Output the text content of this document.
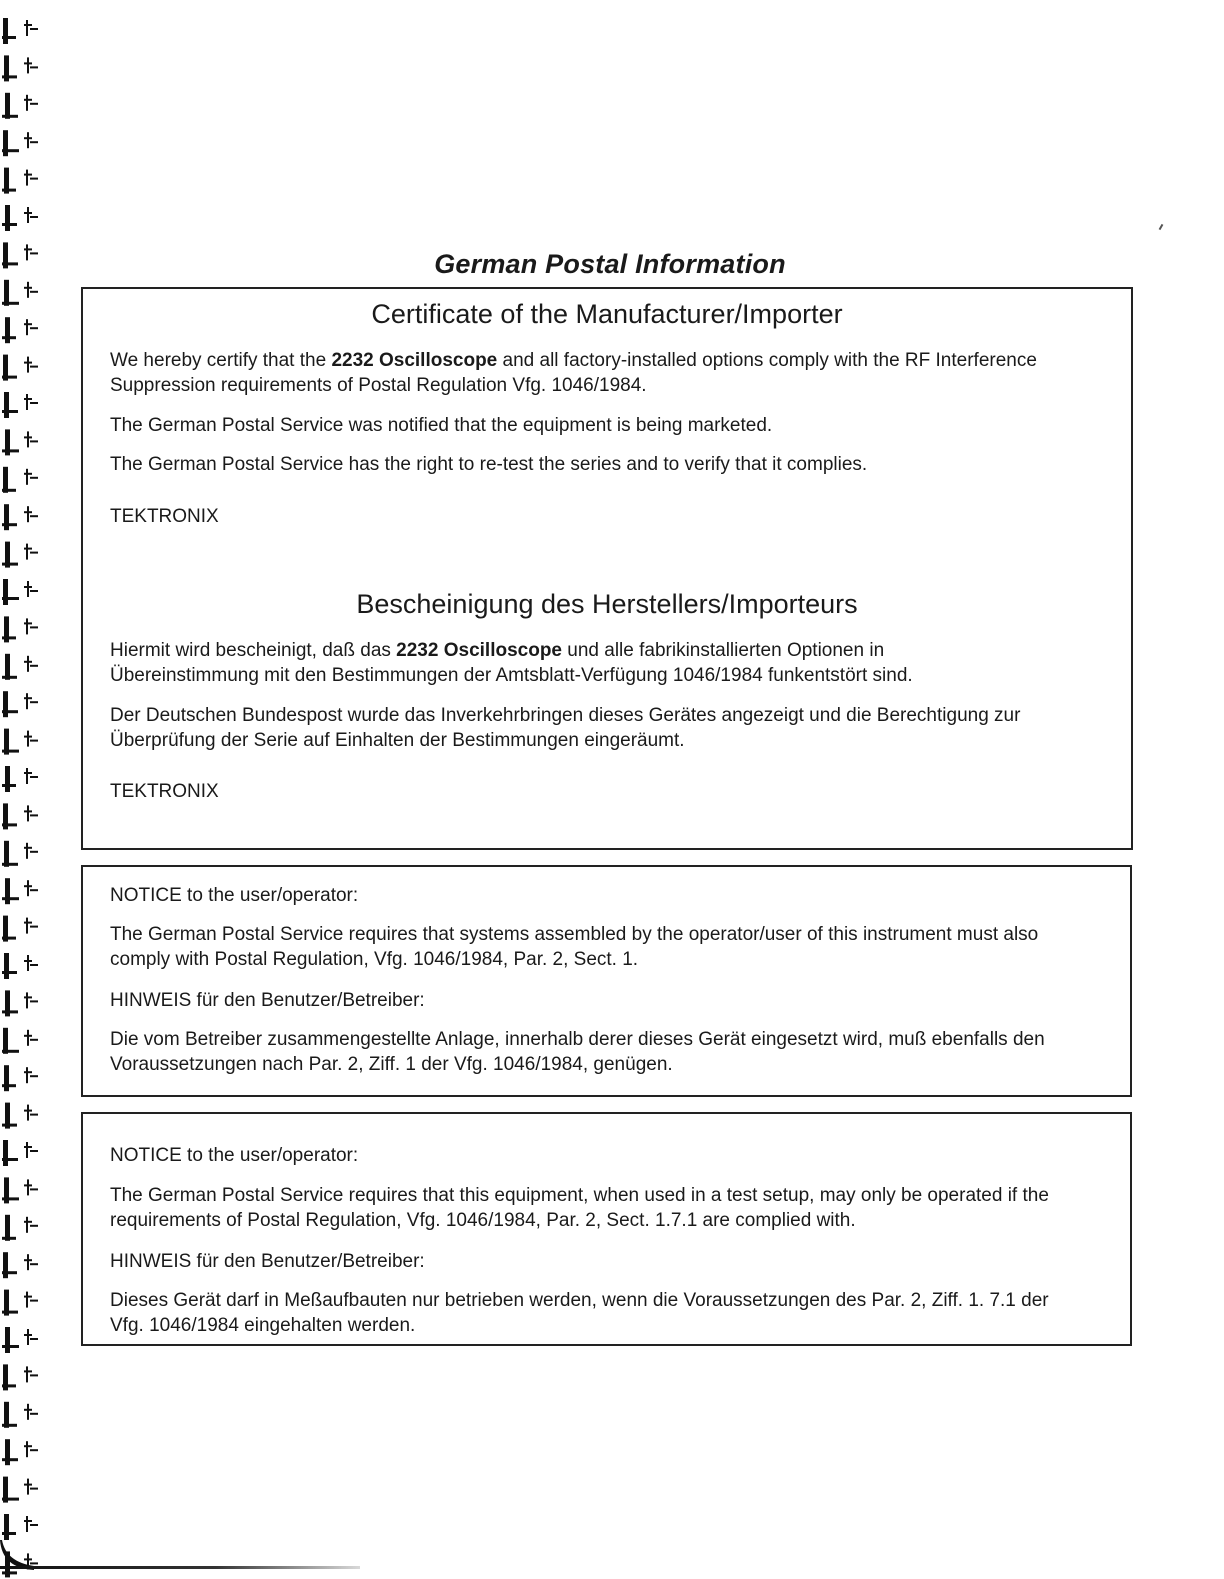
German Postal Information
Certificate of the Manufacturer/Importer

We hereby certify that the 2232 Oscilloscope and all factory-installed options comply with the RF Interference Suppression requirements of Postal Regulation Vfg. 1046/1984.

The German Postal Service was notified that the equipment is being marketed.

The German Postal Service has the right to re-test the series and to verify that it complies.

TEKTRONIX

Bescheinigung des Herstellers/Importeurs

Hiermit wird bescheinigt, daß das 2232 Oscilloscope und alle fabrikinstallierten Optionen in Übereinstimmung mit den Bestimmungen der Amtsblatt-Verfügung 1046/1984 funkentstört sind.

Der Deutschen Bundespost wurde das Inverkehrbringen dieses Gerätes angezeigt und die Berechtigung zur Überprüfung der Serie auf Einhalten der Bestimmungen eingeräumt.

TEKTRONIX

NOTICE to the user/operator:

The German Postal Service requires that systems assembled by the operator/user of this instrument must also comply with Postal Regulation, Vfg. 1046/1984, Par. 2, Sect. 1.

HINWEIS für den Benutzer/Betreiber:

Die vom Betreiber zusammengestellte Anlage, innerhalb derer dieses Gerät eingesetzt wird, muß ebenfalls den Voraussetzungen nach Par. 2, Ziff. 1 der Vfg. 1046/1984, genügen.

NOTICE to the user/operator:

The German Postal Service requires that this equipment, when used in a test setup, may only be operated if the requirements of Postal Regulation, Vfg. 1046/1984, Par. 2, Sect. 1.7.1 are complied with.

HINWEIS für den Benutzer/Betreiber:

Dieses Gerät darf in Meßaufbauten nur betrieben werden, wenn die Voraussetzungen des Par. 2, Ziff. 1. 7.1 der Vfg. 1046/1984 eingehalten werden.
